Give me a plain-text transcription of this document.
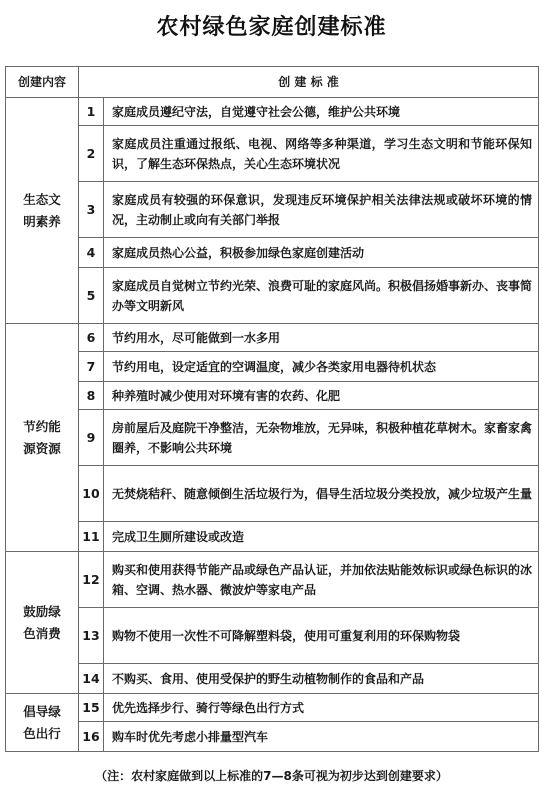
农村绿色家庭创建标准
创建内容	创 建 标 准	
生态文明素养	1	家庭成员遵纪守法，自觉遵守社会公德，维护公共环境
	2	家庭成员注重通过报纸、电视、网络等多种渠道，学习生态文明和节能环保知识，了解生态环保热点，关心生态环境状况
	3	家庭成员有较强的环保意识，发现违反环境保护相关法律法规或破坏环境的情况，主动制止或向有关部门举报
	4	家庭成员热心公益，积极参加绿色家庭创建活动
	5	家庭成员自觉树立节约光荣、浪费可耻的家庭风尚。积极倡扬婚事新办、丧事简办等文明新风
节约能源资源	6	节约用水，尽可能做到一水多用
	7	节约用电，设定适宜的空调温度，减少各类家用电器待机状态
	8	种养殖时减少使用对环境有害的农药、化肥
	9	房前屋后及庭院干净整洁，无杂物堆放，无异味，积极种植花草树木。家畜家禽圈养，不影响公共环境
	10	无焚烧秸秆、随意倾倒生活垃圾行为，倡导生活垃圾分类投放，减少垃圾产生量
	11	完成卫生厕所建设或改造
鼓励绿色消费	12	购买和使用获得节能产品或绿色产品认证，并加依法贴能效标识或绿色标识的冰箱、空调、热水器、微波炉等家电产品
	13	购物不使用一次性不可降解塑料袋，使用可重复利用的环保购物袋
	14	不购买、食用、使用受保护的野生动植物制作的食品和产品
倡导绿色出行	15	优先选择步行、骑行等绿色出行方式
	16	购车时优先考虑小排量型汽车
（注：农村家庭做到以上标准的7—8条可视为初步达到创建要求）
